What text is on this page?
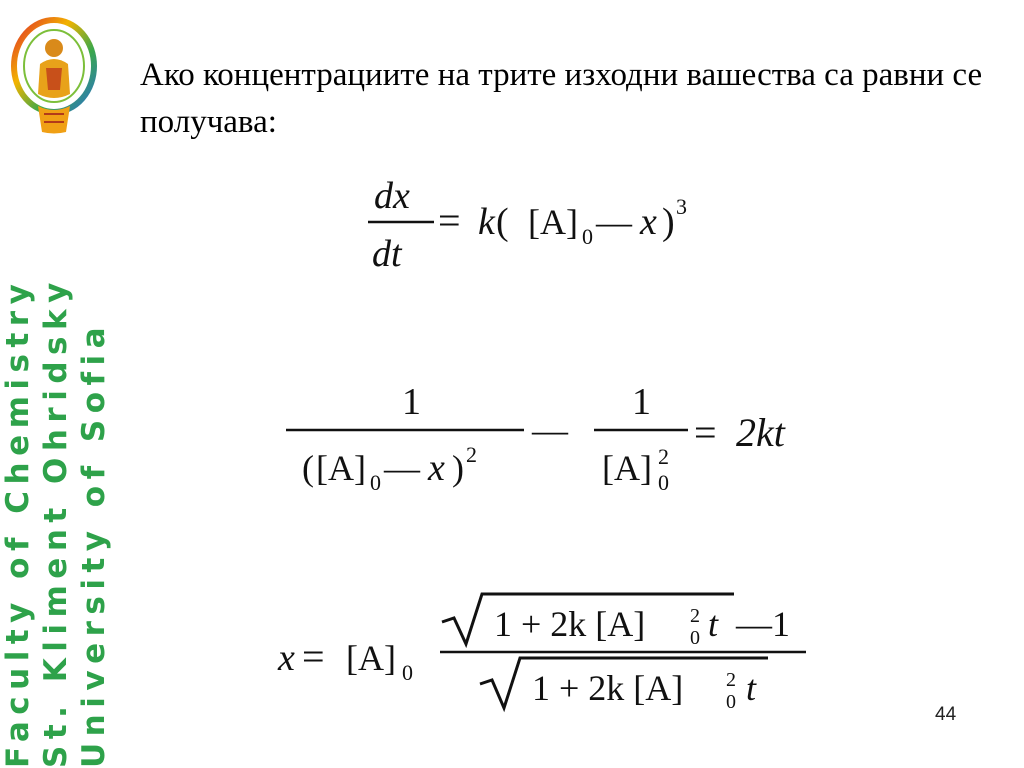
Faculty of Chemistry St. Kliment Ohridsky University of Sofia
Ако концентрациите на трите изходни вашества са равни се получава:
dx
dt
= k ( [A] 0 — x ) 3
1
( [A] 0 — x ) 2
—
1
[A] 2
0
= 2kt
x = [A] 0
1 + 2k [A] 2
0 t —1
1 + 2k [A] 2
0 t
44
